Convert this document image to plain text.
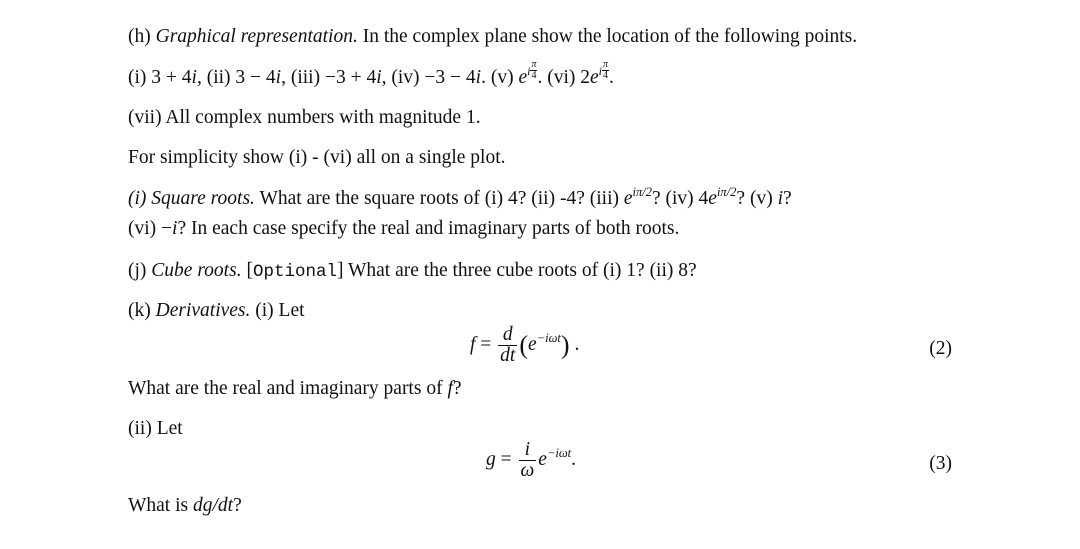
(h) Graphical representation. In the complex plane show the location of the following points.
(i) 3 + 4i, (ii) 3 − 4i, (iii) −3 + 4i, (iv) −3 − 4i. (v) $e^i \frac{\pi}{4}$ . (vi) $2e^i \frac{\pi}{4}$ .
(vii) All complex numbers with magnitude 1.
For simplicity show (i) - (vi) all on a single plot.
(i) Square roots. What are the square roots of (i) 4? (ii) -4? (iii) $e^{i\pi/2}$? (iv) $4e^{i\pi/2}$? (v) i?
(vi) −i? In each case specify the real and imaginary parts of both roots.
(j) Cube roots. [Optional] What are the three cube roots of (i) 1? (ii) 8?
(k) Derivatives. (i) Let
$f = \frac{d}{dt} (e^{-i\omega t})$ .	(2)
What are the real and imaginary parts of f?
(ii) Let
$g = \frac{i}{\omega} e^{-i\omega t}$.	(3)
What is dg/dt?
